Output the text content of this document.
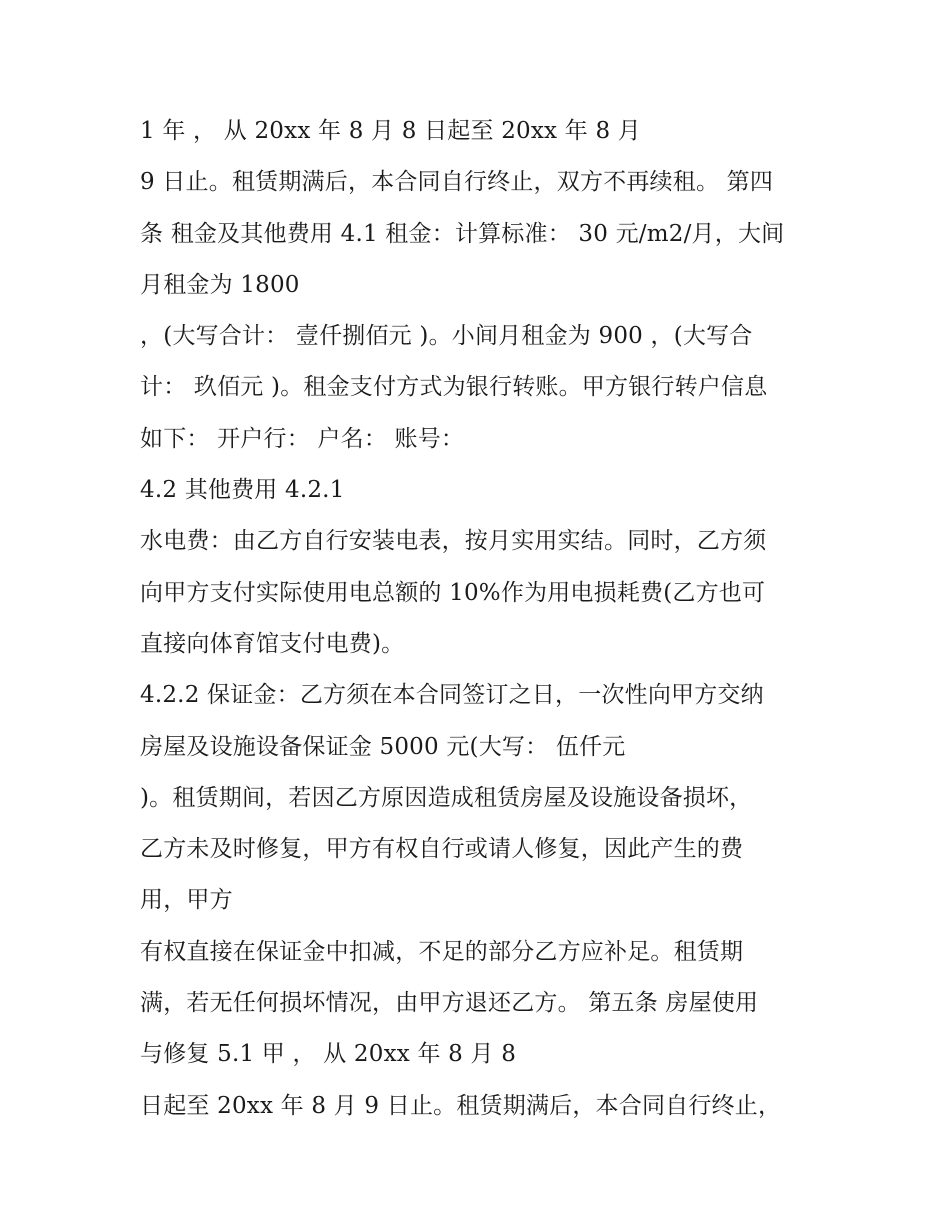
1 年 ， 从 20xx 年 8 月 8 日起至 20xx 年 8 月
9 日止。租赁期满后，本合同自行终止，双方不再续租。 第四
条 租金及其他费用 4.1 租金：计算标准： 30 元/m2/月，大间
月租金为 1800
，(大写合计： 壹仟捌佰元 )。小间月租金为 900 ，(大写合
计： 玖佰元 )。租金支付方式为银行转账。甲方银行转户信息
如下： 开户行： 户名： 账号：
4.2 其他费用 4.2.1
水电费：由乙方自行安装电表，按月实用实结。同时，乙方须
向甲方支付实际使用电总额的 10%作为用电损耗费(乙方也可
直接向体育馆支付电费)。
4.2.2 保证金：乙方须在本合同签订之日，一次性向甲方交纳
房屋及设施设备保证金 5000 元(大写： 伍仟元
)。租赁期间，若因乙方原因造成租赁房屋及设施设备损坏，
乙方未及时修复，甲方有权自行或请人修复，因此产生的费
用，甲方
有权直接在保证金中扣减，不足的部分乙方应补足。租赁期
满，若无任何损坏情况，由甲方退还乙方。 第五条 房屋使用
与修复 5.1 甲 ， 从 20xx 年 8 月 8
日起至 20xx 年 8 月 9 日止。租赁期满后，本合同自行终止，
